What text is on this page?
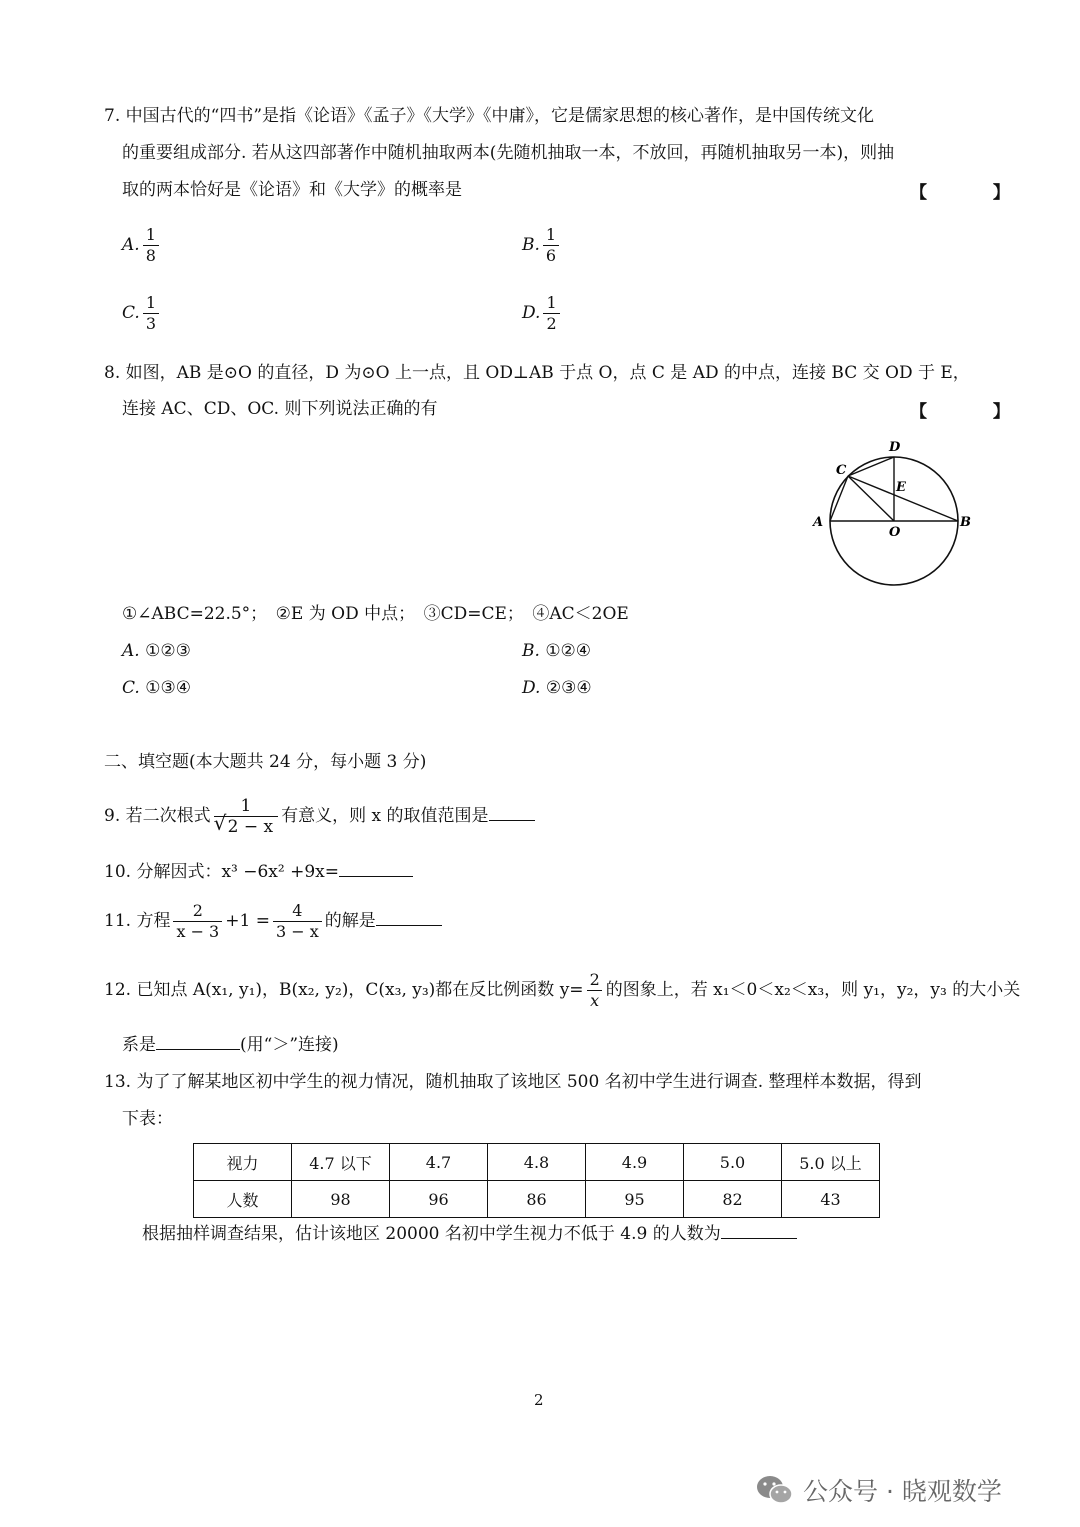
7. 中国古代的“四书”是指《论语》《孟子》《大学》《中庸》，它是儒家思想的核心著作，是中国传统文化
的重要组成部分. 若从这四部著作中随机抽取两本(先随机抽取一本，不放回，再随机抽取另一本)，则抽
取的两本恰好是《论语》和《大学》的概率是	【 】
A. $\frac{1}{8}$	B. $\frac{1}{6}$
C. $\frac{1}{3}$	D. $\frac{1}{2}$
8. 如图，AB 是⊙O 的直径，D 为⊙O 上一点，且 OD⊥AB 于点 O，点 C 是 AD 的中点，连接 BC 交 OD 于 E，
连接 AC、CD、OC. 则下列说法正确的有	【 】
D
C
E
A	B
O
①∠ABC=22.5°；　②E 为 OD 中点；　③CD=CE；　④AC＜2OE
A. ①②③	B. ①②④
C. ①③④	D. ②③④
二、填空题(本大题共 24 分，每小题 3 分)
9. 若二次根式 $\frac{1}{√ 2 - x}$ 有意义，则 x 的取值范围是
10. 分解因式：x³ −6x² +9x=
11. 方程 $\frac{2}{x - 3} +1 = \frac{4}{3 - x}$ 的解是
12. 已知点 A(x₁, y₁)，B(x₂, y₂)，C(x₃, y₃)都在反比例函数 $y= \frac{2}{x}$ 的图象上，若 x₁＜0＜x₂＜x₃，则 y₁，y₂，y₃ 的大小关
系是	(用“＞”连接)
13. 为了了解某地区初中学生的视力情况，随机抽取了该地区 500 名初中学生进行调查. 整理样本数据，得到
下表：
视力	4.7 以下	4.7	4.8	4.9	5.0	5.0 以上
人数	98	96	86	95	82	43
根据抽样调查结果，估计该地区 20000 名初中学生视力不低于 4.9 的人数为
2
公众号 · 晓观数学
